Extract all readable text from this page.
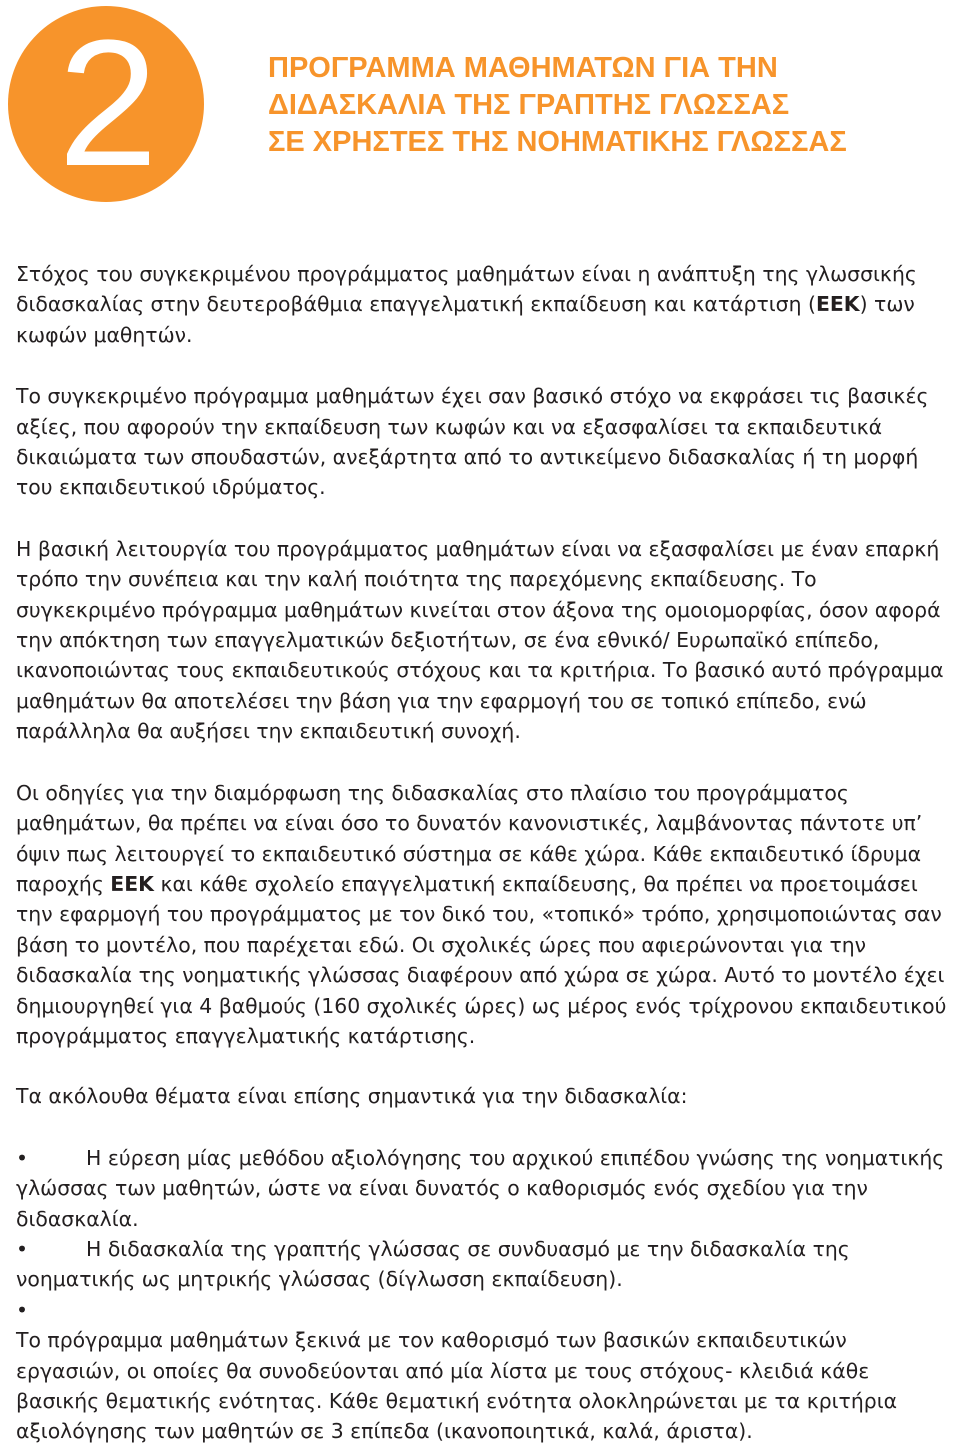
2	ΠΡΟΓΡΑΜΜΑ ΜΑΘΗΜΑΤΩΝ ΓΙΑ ΤΗΝ
ΔΙΔΑΣΚΑΛΙΑ ΤΗΣ ΓΡΑΠΤΗΣ ΓΛΩΣΣΑΣ
ΣΕ ΧΡΗΣΤΕΣ ΤΗΣ ΝΟΗΜΑΤΙΚΗΣ ΓΛΩΣΣΑΣ

Στόχος του συγκεκριμένου προγράμματος μαθημάτων είναι η ανάπτυξη της γλωσσικής διδασκαλίας στην δευτεροβάθμια επαγγελματική εκπαίδευση και κατάρτιση (ΕΕΚ) των κωφών μαθητών.

Το συγκεκριμένο πρόγραμμα μαθημάτων έχει σαν βασικό στόχο να εκφράσει τις βασικές αξίες, που αφορούν την εκπαίδευση των κωφών και να εξασφαλίσει τα εκπαιδευτικά δικαιώματα των σπουδαστών, ανεξάρτητα από το αντικείμενο διδασκαλίας ή τη μορφή του εκπαιδευτικού ιδρύματος.

Η βασική λειτουργία του προγράμματος μαθημάτων είναι να εξασφαλίσει με έναν επαρκή τρόπο την συνέπεια και την καλή ποιότητα της παρεχόμενης εκπαίδευσης. Το συγκεκριμένο πρόγραμμα μαθημάτων κινείται στον άξονα της ομοιομορφίας, όσον αφορά την απόκτηση των επαγγελματικών δεξιοτήτων, σε ένα εθνικό/ Ευρωπαϊκό επίπεδο, ικανοποιώντας τους εκπαιδευτικούς στόχους και τα κριτήρια. Το βασικό αυτό πρόγραμμα μαθημάτων θα αποτελέσει την βάση για την εφαρμογή του σε τοπικό επίπεδο, ενώ παράλληλα θα αυξήσει την εκπαιδευτική συνοχή.

Οι οδηγίες για την διαμόρφωση της διδασκαλίας στο πλαίσιο του προγράμματος μαθημάτων, θα πρέπει να είναι όσο το δυνατόν κανονιστικές, λαμβάνοντας πάντοτε υπ’ όψιν πως λειτουργεί το εκπαιδευτικό σύστημα σε κάθε χώρα. Κάθε εκπαιδευτικό ίδρυμα παροχής ΕΕΚ και κάθε σχολείο επαγγελματική εκπαίδευσης, θα πρέπει να προετοιμάσει την εφαρμογή του προγράμματος με τον δικό του, «τοπικό» τρόπο, χρησιμοποιώντας σαν βάση το μοντέλο, που παρέχεται εδώ. Οι σχολικές ώρες που αφιερώνονται για την διδασκαλία της νοηματικής γλώσσας διαφέρουν από χώρα σε χώρα. Αυτό το μοντέλο έχει δημιουργηθεί για 4 βαθμούς (160 σχολικές ώρες) ως μέρος ενός τρίχρονου εκπαιδευτικού προγράμματος επαγγελματικής κατάρτισης.

Τα ακόλουθα θέματα είναι επίσης σημαντικά για την διδασκαλία:

•	Η εύρεση μίας μεθόδου αξιολόγησης του αρχικού επιπέδου γνώσης της νοηματικής γλώσσας των μαθητών, ώστε να είναι δυνατός ο καθορισμός ενός σχεδίου για την διδασκαλία.
•	Η διδασκαλία της γραπτής γλώσσας σε συνδυασμό με την διδασκαλία της νοηματικής ως μητρικής γλώσσας (δίγλωσση εκπαίδευση).
•
Το πρόγραμμα μαθημάτων ξεκινά με τον καθορισμό των βασικών εκπαιδευτικών εργασιών, οι οποίες θα συνοδεύονται από μία λίστα με τους στόχους- κλειδιά κάθε βασικής θεματικής ενότητας. Κάθε θεματική ενότητα ολοκληρώνεται με τα κριτήρια αξιολόγησης των μαθητών σε 3 επίπεδα (ικανοποιητικά, καλά, άριστα).
